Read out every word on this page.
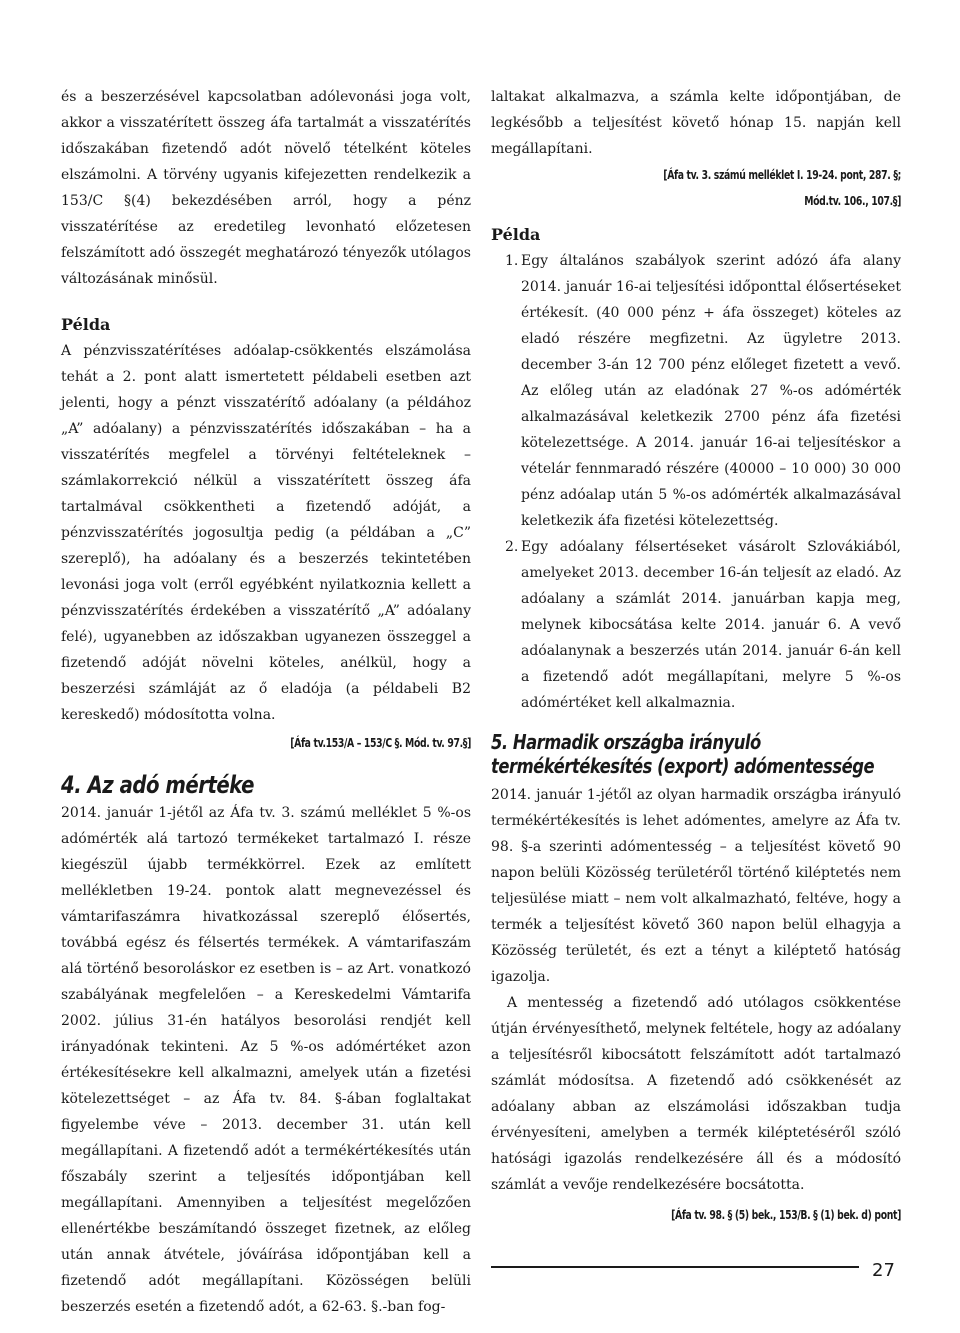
és a beszerzésével kapcsolatban adólevonási joga volt, akkor a visszatérített összeg áfa tartalmát a visszatérítés időszakában fizetendő adót növelő tételként köteles elszámolni. A törvény ugyanis kifejezetten rendelkezik a 153/C §(4) bekezdésében arról, hogy a pénz visszatérítése az eredetileg levonható előzetesen felszámított adó összegét meghatározó tényezők utólagos változásának minősül.

Példa

A pénzvisszatérítéses adóalap-csökkentés elszámolása tehát a 2. pont alatt ismertetett példabeli esetben azt jelenti, hogy a pénzt visszatérítő adóalany (a példához „A” adóalany) a pénzvisszatérítés időszakában – ha a visszatérítés megfelel a törvényi feltételeknek – számlakorrekció nélkül a visszatérített összeg áfa tartalmával csökkentheti a fizetendő adóját, a pénzvisszatérítés jogosultja pedig (a példában a „C” szereplő), ha adóalany és a beszerzés tekintetében levonási joga volt (erről egyébként nyilatkoznia kellett a pénzvisszatérítés érdekében a visszatérítő „A” adóalany felé), ugyanebben az időszakban ugyanezen összeggel a fizetendő adóját növelni köteles, anélkül, hogy a beszerzési számláját az ő eladója (a példabeli B2 kereskedő) módosította volna.

[Áfa tv.153/A – 153/C §. Mód. tv. 97.§]
4. Az adó mértéke

2014. január 1-jétől az Áfa tv. 3. számú melléklet 5 %-os adómérték alá tartozó termékeket tartalmazó I. része kiegészül újabb termékkörrel. Ezek az említett mellékletben 19-24. pontok alatt megnevezéssel és vámtarifaszámra hivatkozással szereplő élősertés, továbbá egész és félsertés termékek. A vámtarifaszám alá történő besoroláskor ez esetben is – az Art. vonatkozó szabályának megfelelően – a Kereskedelmi Vámtarifa 2002. július 31-én hatályos besorolási rendjét kell irányadónak tekinteni. Az 5 %-os adómértéket azon értékesítésekre kell alkalmazni, amelyek után a fizetési kötelezettséget – az Áfa tv. 84. §-ában foglaltakat figyelembe véve – 2013. december 31. után kell megállapítani. A fizetendő adót a termékértékesítés után főszabály szerint a teljesítés időpontjában kell megállapítani. Amennyiben a teljesítést megelőzően ellenértékbe beszámítandó összeget fizetnek, az előleg után annak átvétele, jóváírása időpontjában kell a fizetendő adót megállapítani. Közösségen belüli beszerzés esetén a fizetendő adót, a 62-63. §.-ban fog-

laltakat alkalmazva, a számla kelte időpontjában, de legkésőbb a teljesítést követő hónap 15. napján kell megállapítani.

[Áfa tv. 3. számú melléklet I. 19-24. pont, 287. §;
Mód.tv. 106., 107.§]

Példa

1. Egy általános szabályok szerint adózó áfa alany 2014. január 16-ai teljesítési időponttal élősertéseket értékesít. (40 000 pénz + áfa összeget) köteles az eladó részére megfizetni. Az ügyletre 2013. december 3-án 12 700 pénz előleget fizetett a vevő. Az előleg után az eladónak 27 %-os adómérték alkalmazásával keletkezik 2700 pénz áfa fizetési kötelezettsége. A 2014. január 16-ai teljesítéskor a vételár fennmaradó részére (40000 – 10 000) 30 000 pénz adóalap után 5 %-os adómérték alkalmazásával keletkezik áfa fizetési kötelezettség.
2. Egy adóalany félsertéseket vásárolt Szlovákiából, amelyeket 2013. december 16-án teljesít az eladó. Az adóalany a számlát 2014. januárban kapja meg, melynek kibocsátása kelte 2014. január 6. A vevő adóalanynak a beszerzés után 2014. január 6-án kell a fizetendő adót megállapítani, melyre 5 %-os adómértéket kell alkalmaznia.
5. Harmadik országba irányuló
termékértékesítés (export) adómentessége

2014. január 1-jétől az olyan harmadik országba irányuló termékértékesítés is lehet adómentes, amelyre az Áfa tv. 98. §-a szerinti adómentesség – a teljesítést követő 90 napon belüli Közösség területéről történő kiléptetés nem teljesülése miatt – nem volt alkalmazható, feltéve, hogy a termék a teljesítést követő 360 napon belül elhagyja a Közösség területét, és ezt a tényt a kiléptető hatóság igazolja.

A mentesség a fizetendő adó utólagos csökkentése útján érvényesíthető, melynek feltétele, hogy az adóalany a teljesítésről kibocsátott felszámított adót tartalmazó számlát módosítsa. A fizetendő adó csökkenését az adóalany abban az elszámolási időszakban tudja érvényesíteni, amelyben a termék kiléptetéséről szóló hatósági igazolás rendelkezésére áll és a módosító számlát a vevője rendelkezésére bocsátotta.

[Áfa tv. 98. § (5) bek., 153/B. § (1) bek. d) pont]
27
